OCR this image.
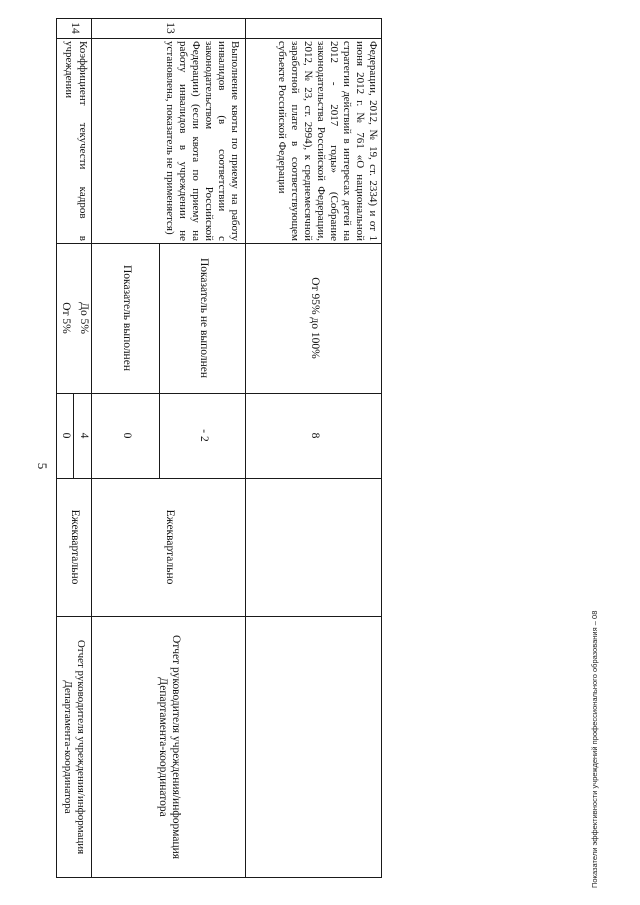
5
Федерации, 2012, № 19, ст. 2334) и от 1 июня 2012 г. № 761 «О национальной стратегии действий в интересах детей на 2012 - 2017 годы» (Собрание законодательства Российской Федерации, 2012, № 23, ст. 2994), к среднемесячной заработной плате в соответствующем субъекте Российской Федерации
От 95% до 100%
8
13
Выполнение квоты по приему на работу инвалидов (в соответствии с законодательством Российской Федерации) (если квота по приему на работу инвалидов в учреждении не установлена, показатель не применяется)
Показатель не выполнен
- 2
Показатель выполнен
0
Ежеквартально
Отчет руководителя учреждения/информация Департамента-координатора
14
Коэффициент текучести кадров в учреждении
До 5%
4
От 5%
0
Ежеквартально
Отчет руководителя учреждения/информация Департамента-координатора	Показатели эффективности учреждений профессионального образования – 08
